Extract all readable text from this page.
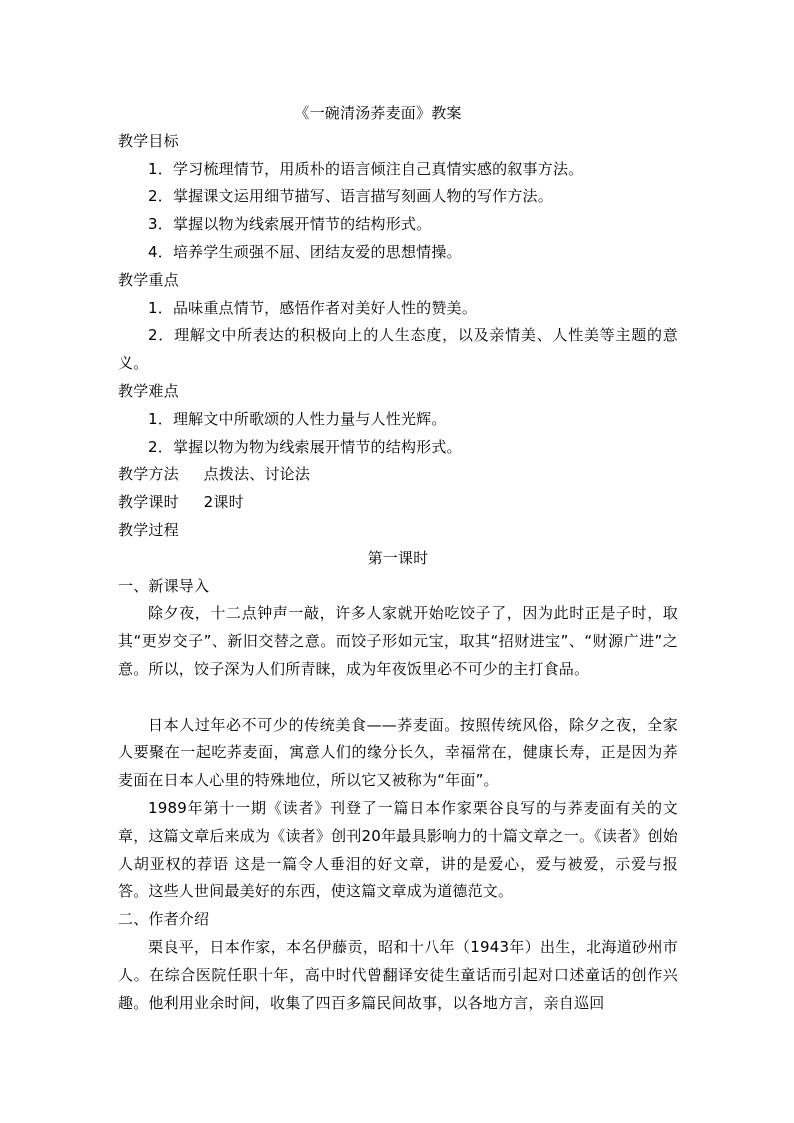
《一碗清汤荞麦面》教案
教学目标

1．学习梳理情节，用质朴的语言倾注自己真情实感的叙事方法。

2．掌握课文运用细节描写、语言描写刻画人物的写作方法。

3．掌握以物为线索展开情节的结构形式。

4．培养学生顽强不屈、团结友爱的思想情操。

教学重点

1．品味重点情节，感悟作者对美好人性的赞美。

2．理解文中所表达的积极向上的人生态度，以及亲情美、人性美等主题的意义。

教学难点

1．理解文中所歌颂的人性力量与人性光辉。

2．掌握以物为物为线索展开情节的结构形式。

教学方法 点拨法、讨论法

教学课时 2课时

教学过程

第一课时

一、新课导入

除夕夜，十二点钟声一敲，许多人家就开始吃饺子了，因为此时正是子时，取其“更岁交子”、新旧交替之意。而饺子形如元宝，取其“招财进宝”、“财源广进”之意。所以，饺子深为人们所青睐，成为年夜饭里必不可少的主打食品。

日本人过年必不可少的传统美食——荞麦面。按照传统风俗，除夕之夜，全家人要聚在一起吃荞麦面，寓意人们的缘分长久，幸福常在，健康长寿，正是因为荞麦面在日本人心里的特殊地位，所以它又被称为“年面”。

1989年第十一期《读者》刊登了一篇日本作家栗谷良写的与荞麦面有关的文章，这篇文章后来成为《读者》创刊20年最具影响力的十篇文章之一。《读者》创始人胡亚权的荐语 这是一篇令人垂泪的好文章，讲的是爱心，爱与被爱，示爱与报答。这些人世间最美好的东西，使这篇文章成为道德范文。

二、作者介绍

栗良平，日本作家，本名伊藤贡，昭和十八年（1943年）出生，北海道砂州市人。在综合医院任职十年，高中时代曾翻译安徒生童话而引起对口述童话的创作兴趣。他利用业余时间，收集了四百多篇民间故事，以各地方言，亲自巡回
